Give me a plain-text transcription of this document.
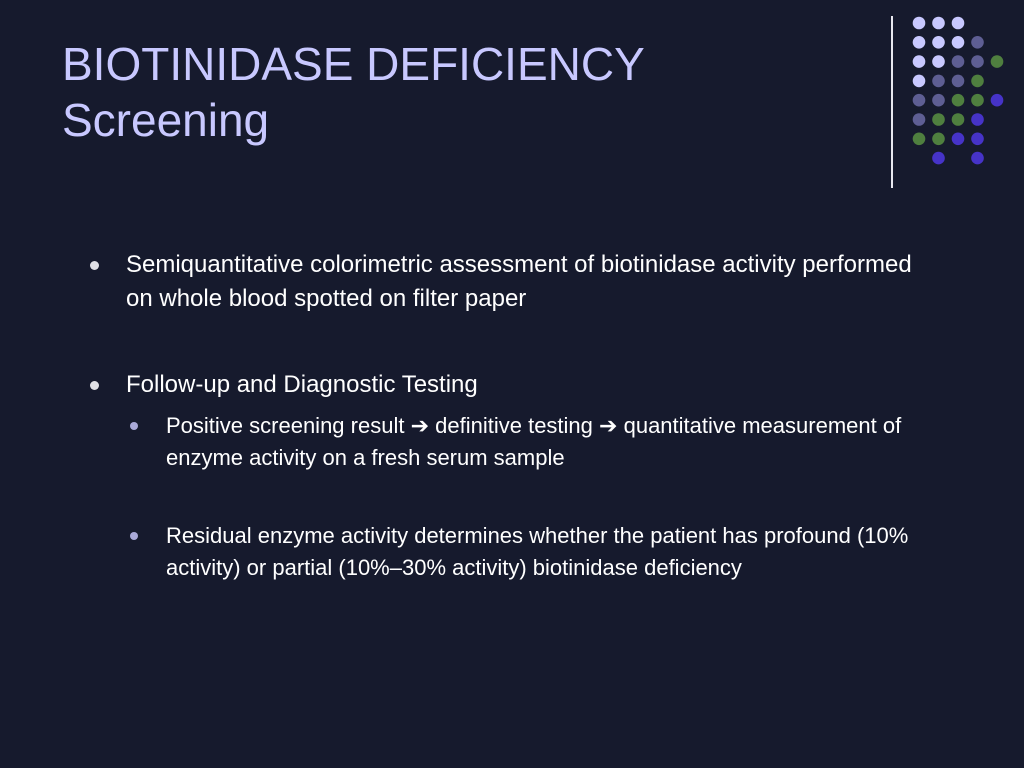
BIOTINIDASE DEFICIENCY
Screening
Semiquantitative colorimetric assessment of biotinidase activity performed on whole blood spotted on filter paper
Follow-up and Diagnostic Testing
Positive screening result ➔ definitive testing ➔ quantitative measurement of enzyme activity on a fresh serum sample
Residual enzyme activity determines whether the patient has profound (10% activity) or partial (10%–30% activity) biotinidase deficiency
